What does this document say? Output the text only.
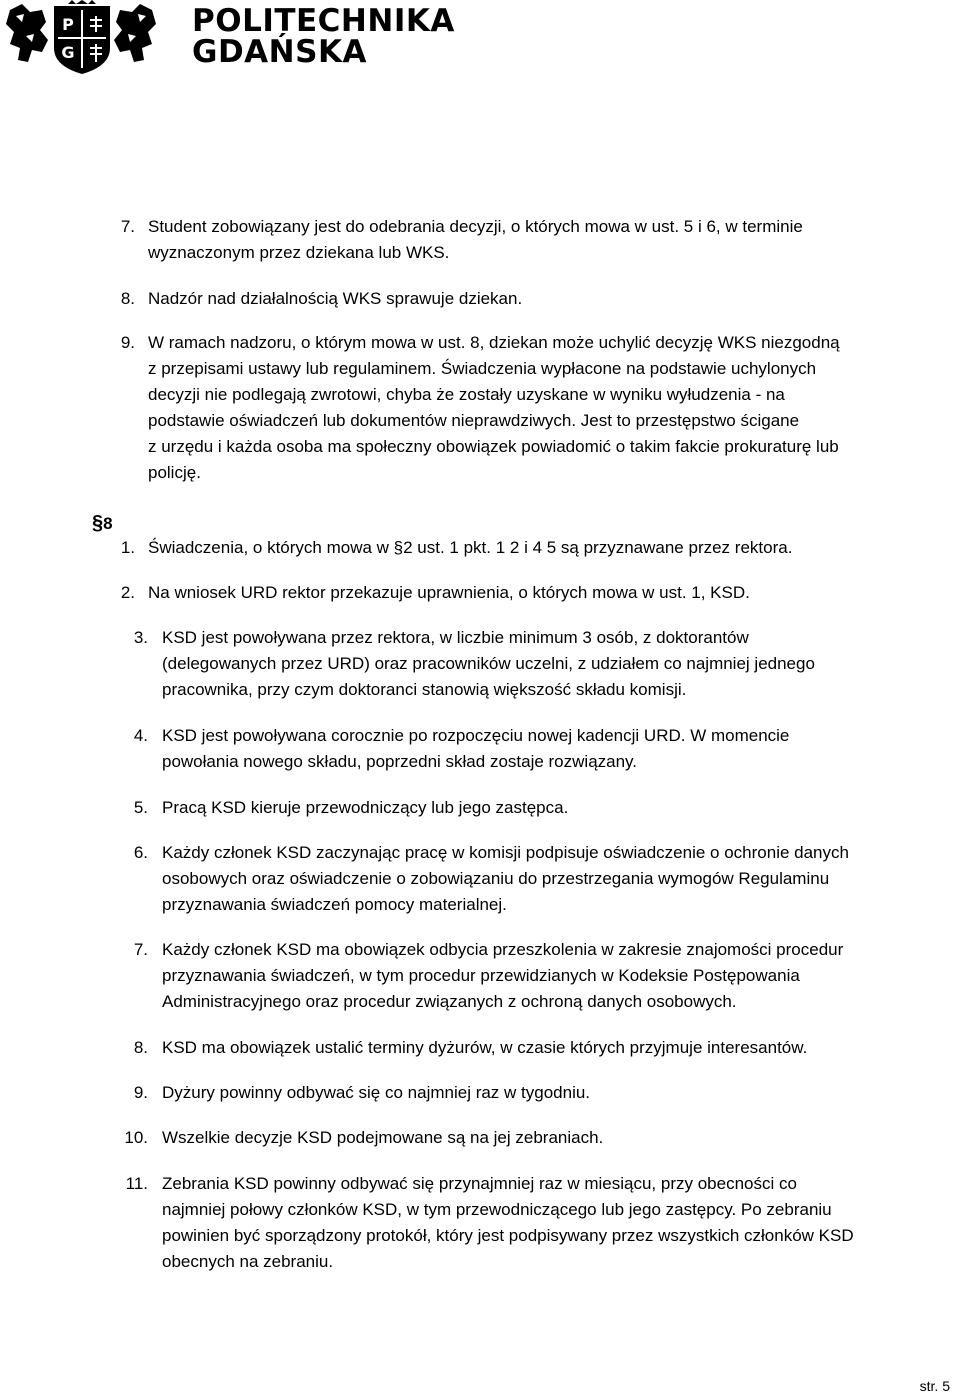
P
G
POLITECHNIKA
GDAŃSKA
7. Student zobowiązany jest do odebrania decyzji, o których mowa w ust. 5 i 6, w terminie
wyznaczonym przez dziekana lub WKS.
8. Nadzór nad działalnością WKS sprawuje dziekan.
9. W ramach nadzoru, o którym mowa w ust. 8, dziekan może uchylić decyzję WKS niezgodną
z przepisami ustawy lub regulaminem. Świadczenia wypłacone na podstawie uchylonych
decyzji nie podlegają zwrotowi, chyba że zostały uzyskane w wyniku wyłudzenia - na
podstawie oświadczeń lub dokumentów nieprawdziwych. Jest to przestępstwo ścigane
z urzędu i każda osoba ma społeczny obowiązek powiadomić o takim fakcie prokuraturę lub
policję.
1. Świadczenia, o których mowa w §2 ust. 1 pkt. 1 2 i 4 5 są przyznawane przez rektora.
2. Na wniosek URD rektor przekazuje uprawnienia, o których mowa w ust. 1, KSD.
3. KSD jest powoływana przez rektora, w liczbie minimum 3 osób, z doktorantów
(delegowanych przez URD) oraz pracowników uczelni, z udziałem co najmniej jednego
pracownika, przy czym doktoranci stanowią większość składu komisji.
4. KSD jest powoływana corocznie po rozpoczęciu nowej kadencji URD. W momencie
powołania nowego składu, poprzedni skład zostaje rozwiązany.
5. Pracą KSD kieruje przewodniczący lub jego zastępca.
6. Każdy członek KSD zaczynając pracę w komisji podpisuje oświadczenie o ochronie danych
osobowych oraz oświadczenie o zobowiązaniu do przestrzegania wymogów Regulaminu
przyznawania świadczeń pomocy materialnej.
7. Każdy członek KSD ma obowiązek odbycia przeszkolenia w zakresie znajomości procedur
przyznawania świadczeń, w tym procedur przewidzianych w Kodeksie Postępowania
Administracyjnego oraz procedur związanych z ochroną danych osobowych.
8. KSD ma obowiązek ustalić terminy dyżurów, w czasie których przyjmuje interesantów.
9. Dyżury powinny odbywać się co najmniej raz w tygodniu.
10. Wszelkie decyzje KSD podejmowane są na jej zebraniach.
11. Zebrania KSD powinny odbywać się przynajmniej raz w miesiącu, przy obecności co
najmniej połowy członków KSD, w tym przewodniczącego lub jego zastępcy. Po zebraniu
powinien być sporządzony protokół, który jest podpisywany przez wszystkich członków KSD
obecnych na zebraniu.
§8
str. 5
